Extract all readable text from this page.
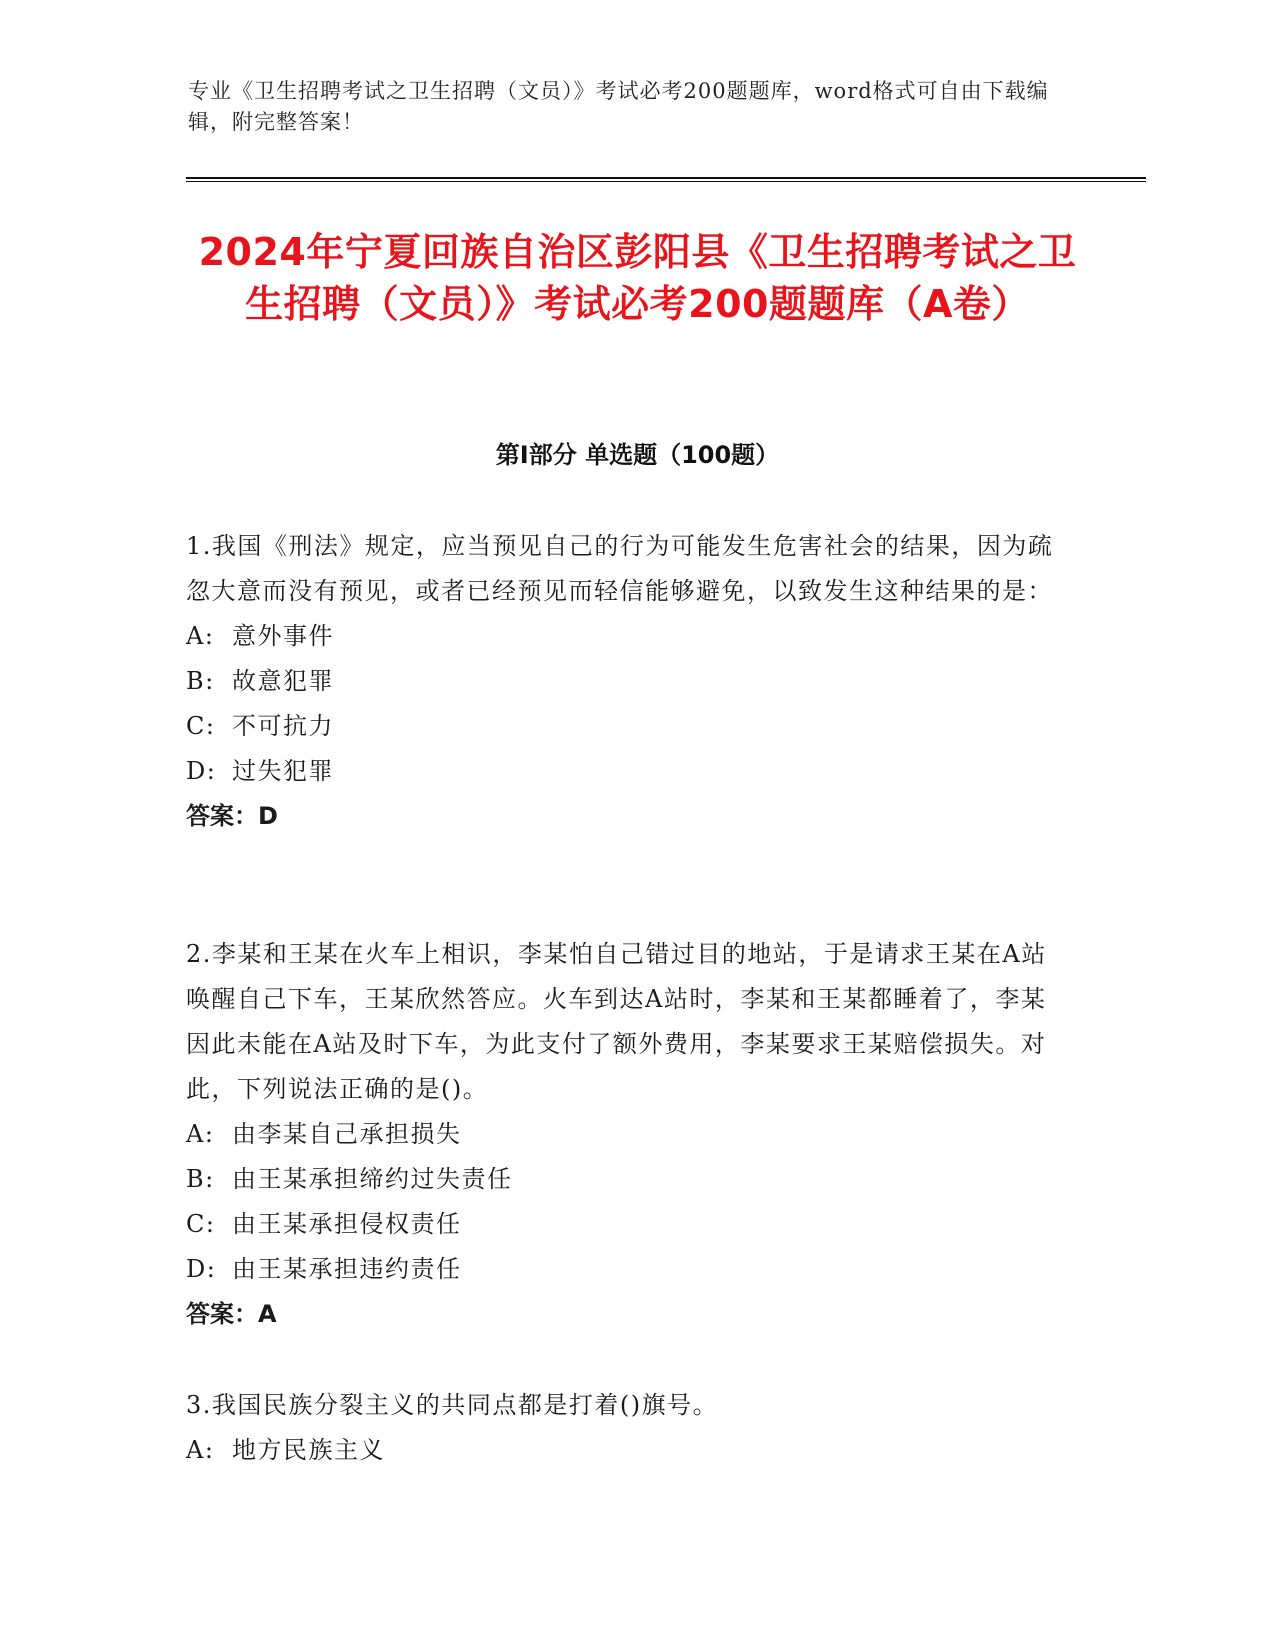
专业《卫生招聘考试之卫生招聘（文员）》考试必考200题题库，word格式可自由下载编辑，附完整答案！
2024年宁夏回族自治区彭阳县《卫生招聘考试之卫生招聘（文员）》考试必考200题题库（A卷）
第I部分 单选题（100题）
1.我国《刑法》规定，应当预见自己的行为可能发生危害社会的结果，因为疏忽大意而没有预见，或者已经预见而轻信能够避免，以致发生这种结果的是：
A: 意外事件
B: 故意犯罪
C: 不可抗力
D: 过失犯罪
答案：D
2.李某和王某在火车上相识，李某怕自己错过目的地站，于是请求王某在A站唤醒自己下车，王某欣然答应。火车到达A站时，李某和王某都睡着了，李某因此未能在A站及时下车，为此支付了额外费用，李某要求王某赔偿损失。对此，下列说法正确的是()。
A: 由李某自己承担损失
B: 由王某承担缔约过失责任
C: 由王某承担侵权责任
D: 由王某承担违约责任
答案：A
3.我国民族分裂主义的共同点都是打着()旗号。
A: 地方民族主义
